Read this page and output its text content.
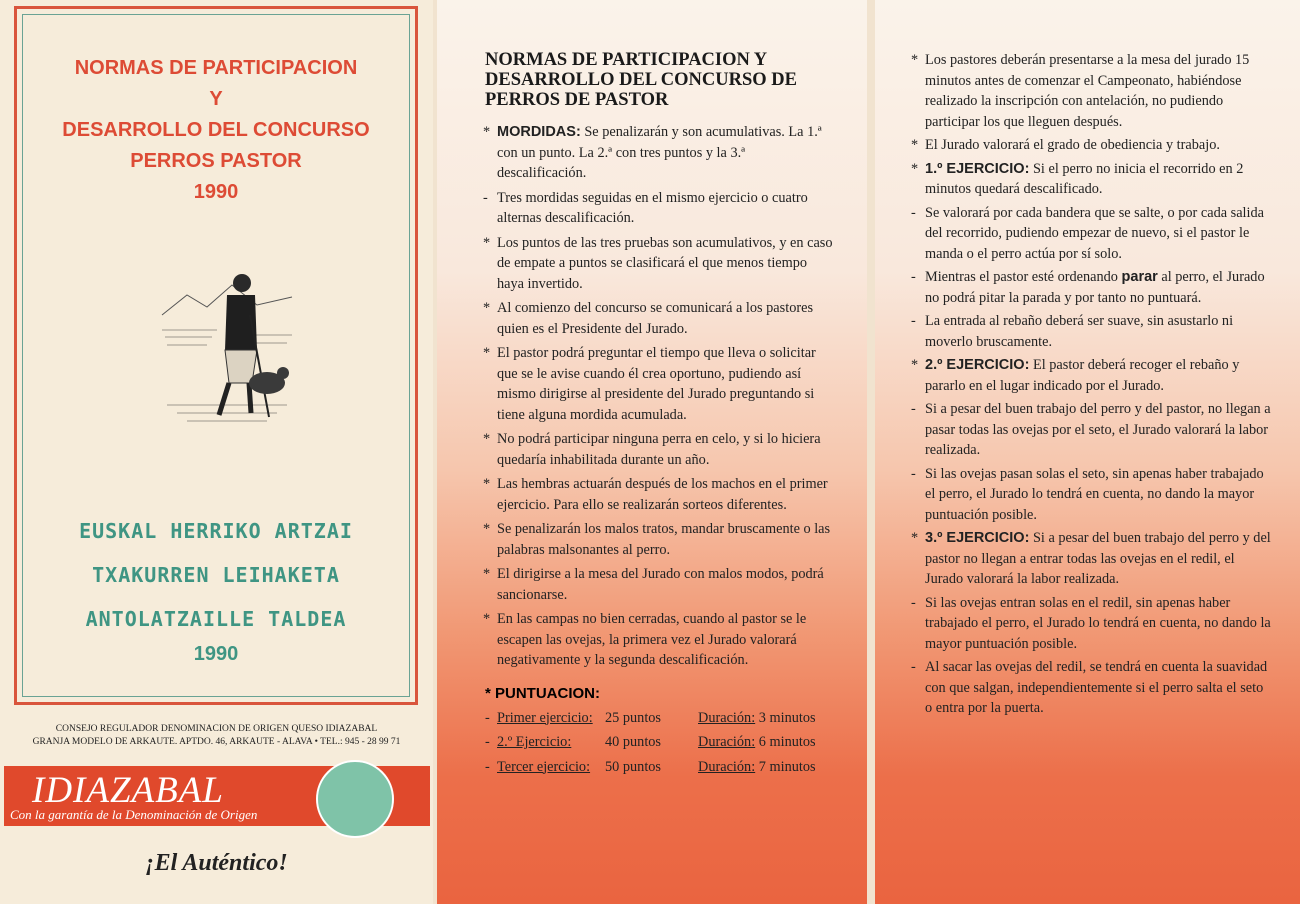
NORMAS DE PARTICIPACION
Y
DESARROLLO DEL CONCURSO
PERROS PASTOR
1990
EUSKAL HERRIKO ARTZAI
TXAKURREN LEIHAKETA
ANTOLATZAILLE TALDEA
1990
CONSEJO REGULADOR DENOMINACION DE ORIGEN QUESO IDIAZABAL
GRANJA MODELO DE ARKAUTE. APTDO. 46, ARKAUTE - ALAVA • TEL.: 945 - 28 99 71
IDIAZABAL
Con la garantía de la Denominación de Origen
¡El Auténtico!
NORMAS DE PARTICIPACION Y DESARROLLO DEL CONCURSO DE PERROS DE PASTOR
* MORDIDAS: Se penalizarán y son acumulativas. La 1.ª con un punto. La 2.ª con tres puntos y la 3.ª descalificación.
- Tres mordidas seguidas en el mismo ejercicio o cuatro alternas descalificación.
* Los puntos de las tres pruebas son acumulativos, y en caso de empate a puntos se clasificará el que menos tiempo haya invertido.
* Al comienzo del concurso se comunicará a los pastores quien es el Presidente del Jurado.
* El pastor podrá preguntar el tiempo que lleva o solicitar que se le avise cuando él crea oportuno, pudiendo así mismo dirigirse al presidente del Jurado preguntando si tiene alguna mordida acumulada.
* No podrá participar ninguna perra en celo, y si lo hiciera quedaría inhabilitada durante un año.
* Las hembras actuarán después de los machos en el primer ejercicio. Para ello se realizarán sorteos diferentes.
* Se penalizarán los malos tratos, mandar bruscamente o las palabras malsonantes al perro.
* El dirigirse a la mesa del Jurado con malos modos, podrá sancionarse.
* En las campas no bien cerradas, cuando al pastor se le escapen las ovejas, la primera vez el Jurado valorará negativamente y la segunda descalificación.
* PUNTUACION:
- Primer ejercicio: 25 puntos	Duración: 3 minutos
- 2.º Ejercicio: 40 puntos	Duración: 6 minutos
- Tercer ejercicio: 50 puntos	Duración: 7 minutos
* Los pastores deberán presentarse a la mesa del jurado 15 minutos antes de comenzar el Campeonato, habiéndose realizado la inscripción con antelación, no pudiendo participar los que lleguen después.
* El Jurado valorará el grado de obediencia y trabajo.
* 1.º EJERCICIO: Si el perro no inicia el recorrido en 2 minutos quedará descalificado.
- Se valorará por cada bandera que se salte, o por cada salida del recorrido, pudiendo empezar de nuevo, si el pastor le manda o el perro actúa por sí solo.
- Mientras el pastor esté ordenando parar al perro, el Jurado no podrá pitar la parada y por tanto no puntuará.
- La entrada al rebaño deberá ser suave, sin asustarlo ni moverlo bruscamente.
* 2.º EJERCICIO: El pastor deberá recoger el rebaño y pararlo en el lugar indicado por el Jurado.
- Si a pesar del buen trabajo del perro y del pastor, no llegan a pasar todas las ovejas por el seto, el Jurado valorará la labor realizada.
- Si las ovejas pasan solas el seto, sin apenas haber trabajado el perro, el Jurado lo tendrá en cuenta, no dando la mayor puntuación posible.
* 3.º EJERCICIO: Si a pesar del buen trabajo del perro y del pastor no llegan a entrar todas las ovejas en el redil, el Jurado valorará la labor realizada.
- Si las ovejas entran solas en el redil, sin apenas haber trabajado el perro, el Jurado lo tendrá en cuenta, no dando la mayor puntuación posible.
- Al sacar las ovejas del redil, se tendrá en cuenta la suavidad con que salgan, independientemente si el perro salta el seto o entra por la puerta.
